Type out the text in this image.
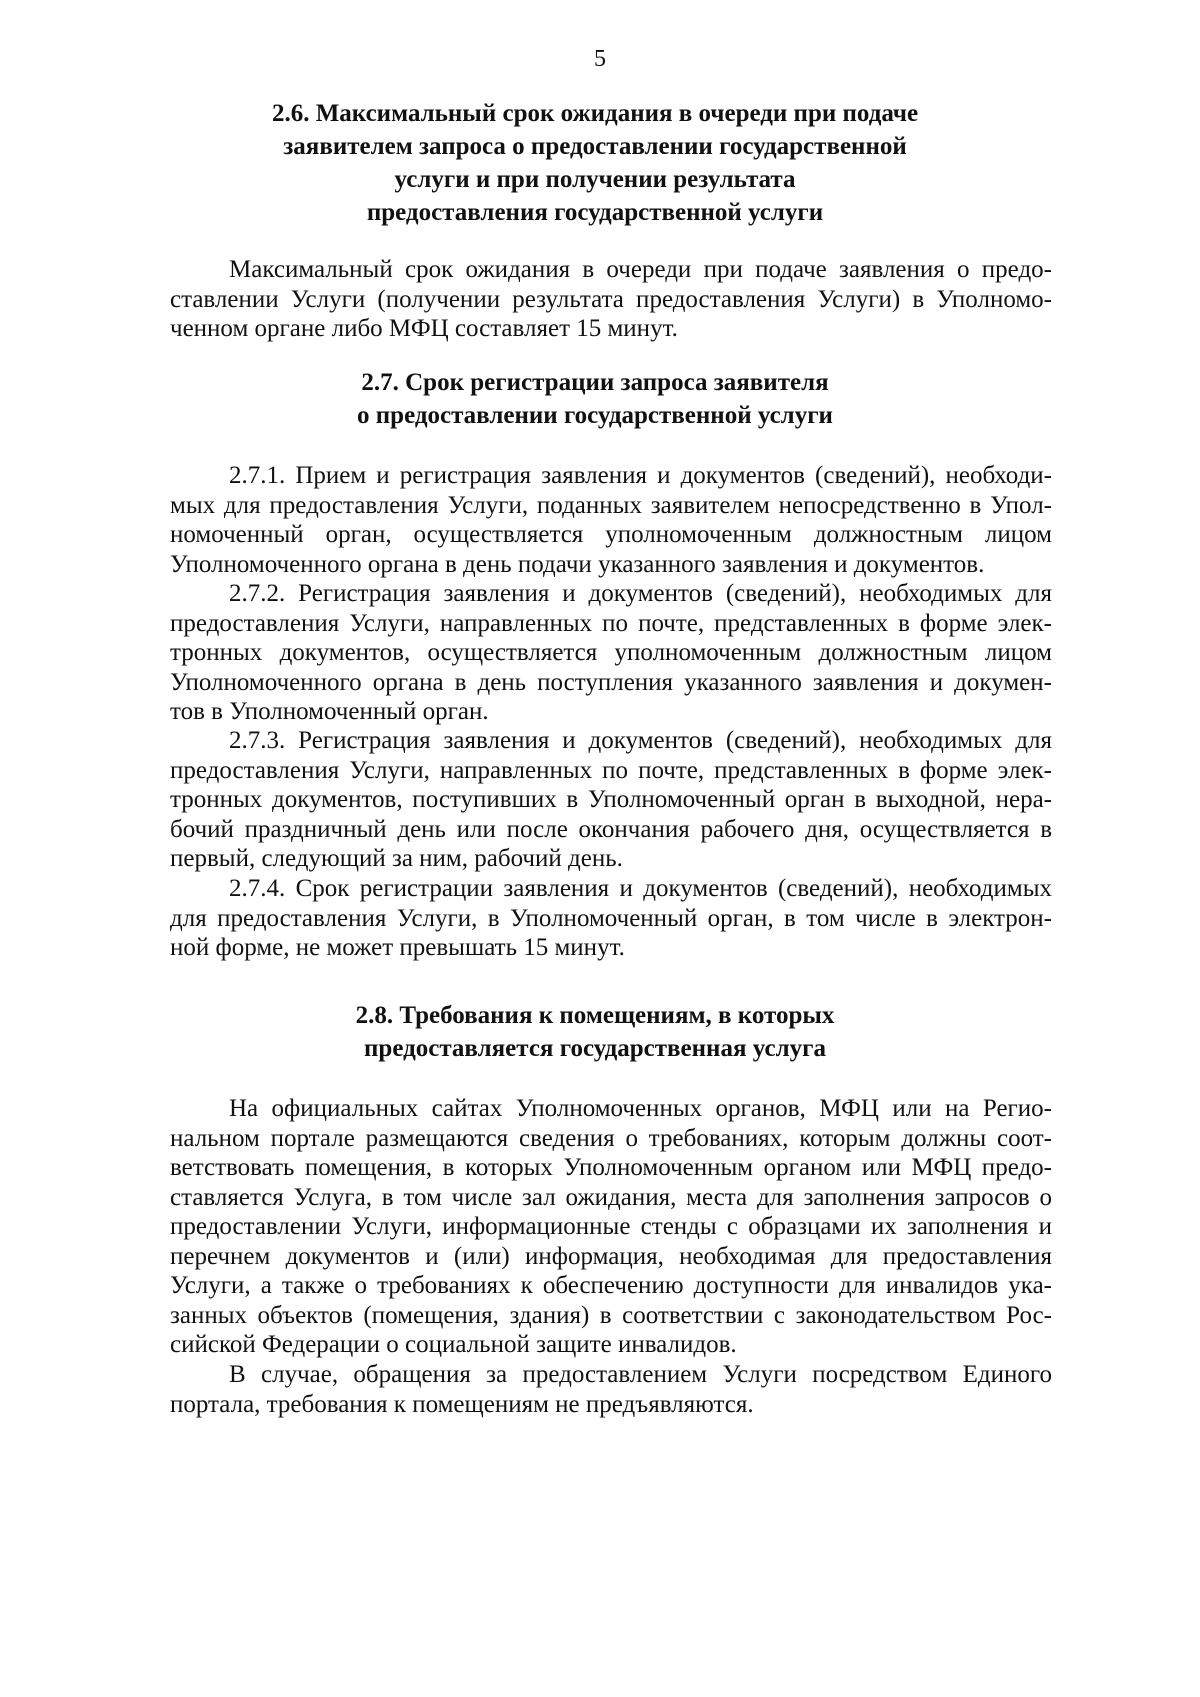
5
2.6. Максимальный срок ожидания в очереди при подаче
заявителем запроса о предоставлении государственной
услуги и при получении результата
предоставления государственной услуги
Максимальный срок ожидания в очереди при подаче заявления о предо-
ставлении Услуги (получении результата предоставления Услуги) в Уполномо-
ченном органе либо МФЦ составляет 15 минут.
2.7. Срок регистрации запроса заявителя
о предоставлении государственной услуги
2.7.1. Прием и регистрация заявления и документов (сведений), необходи-
мых для предоставления Услуги, поданных заявителем непосредственно в Упол-
номоченный орган, осуществляется уполномоченным должностным лицом
Уполномоченного органа в день подачи указанного заявления и документов.
2.7.2. Регистрация заявления и документов (сведений), необходимых для
предоставления Услуги, направленных по почте, представленных в форме элек-
тронных документов, осуществляется уполномоченным должностным лицом
Уполномоченного органа в день поступления указанного заявления и докумен-
тов в Уполномоченный орган.
2.7.3. Регистрация заявления и документов (сведений), необходимых для
предоставления Услуги, направленных по почте, представленных в форме элек-
тронных документов, поступивших в Уполномоченный орган в выходной, нера-
бочий праздничный день или после окончания рабочего дня, осуществляется в
первый, следующий за ним, рабочий день.
2.7.4. Срок регистрации заявления и документов (сведений), необходимых
для предоставления Услуги, в Уполномоченный орган, в том числе в электрон-
ной форме, не может превышать 15 минут.
2.8. Требования к помещениям, в которых
предоставляется государственная услуга
На официальных сайтах Уполномоченных органов, МФЦ или на Регио-
нальном портале размещаются сведения о требованиях, которым должны соот-
ветствовать помещения, в которых Уполномоченным органом или МФЦ предо-
ставляется Услуга, в том числе зал ожидания, места для заполнения запросов о
предоставлении Услуги, информационные стенды с образцами их заполнения и
перечнем документов и (или) информация, необходимая для предоставления
Услуги, а также о требованиях к обеспечению доступности для инвалидов ука-
занных объектов (помещения, здания) в соответствии с законодательством Рос-
сийской Федерации о социальной защите инвалидов.
В случае, обращения за предоставлением Услуги посредством Единого
портала, требования к помещениям не предъявляются.
